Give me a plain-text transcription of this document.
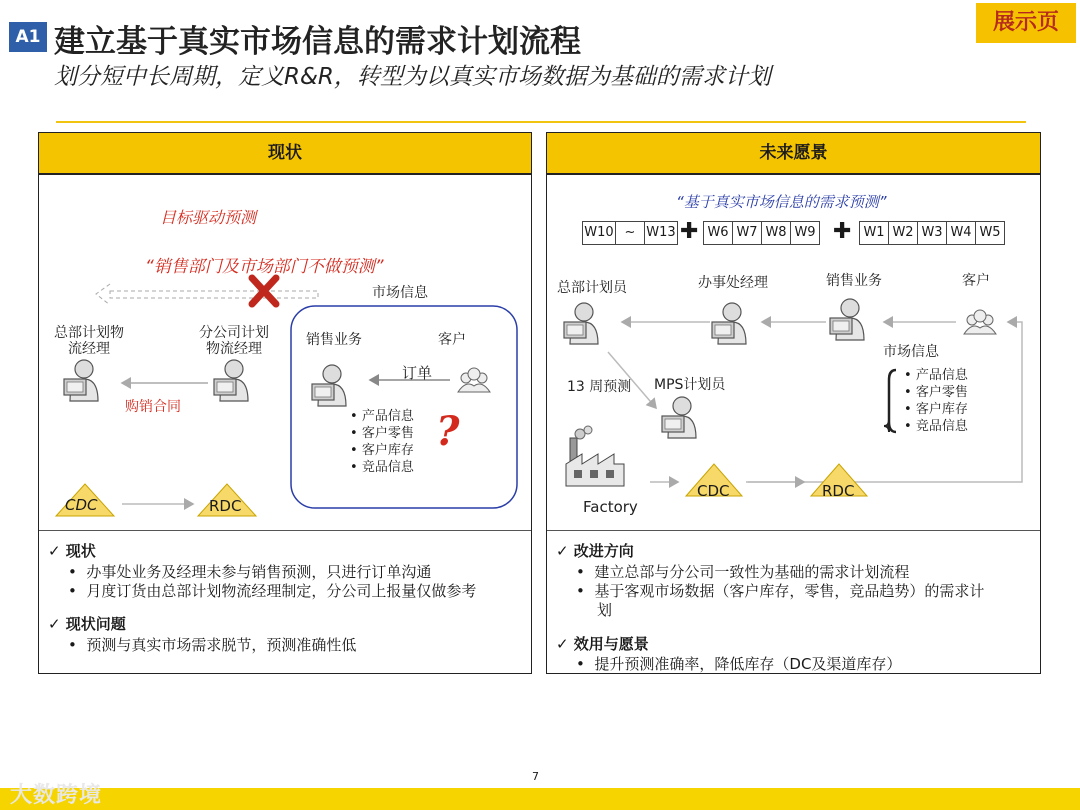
A1 建立基于真实市场信息的需求计划流程
划分短中长周期，定义R&R，转型为以真实市场数据为基础的需求计划
展示页
现状
目标驱动预测
“销售部门及市场部门不做预测”
市场信息
总部计划物
流经理
分公司计划
物流经理
购销合同
销售业务	客户
订单
• 产品信息
• 客户零售
• 客户库存
• 竞品信息
?
CDC	RDC
✓ 现状
•  办事处业务及经理未参与销售预测，只进行订单沟通
•  月度订货由总部计划物流经理制定，分公司上报量仅做参考
✓ 现状问题
•  预测与真实市场需求脱节，预测准确性低
未来愿景
“基于真实市场信息的需求预测”
W10 ~ W13 ✚ W6 W7 W8 W9 ✚ W1 W2 W3 W4 W5
总部计划员	办事处经理	销售业务	客户
市场信息
• 产品信息
• 客户零售
• 客户库存
• 竞品信息
13 周预测 MPS计划员
Factory
CDC	RDC
✓ 改进方向
•  建立总部与分公司一致性为基础的需求计划流程
•  基于客观市场数据（客户库存，零售，竞品趋势）的需求计
划
✓ 效用与愿景
•  提升预测准确率，降低库存（DC及渠道库存）
7
大数跨境
